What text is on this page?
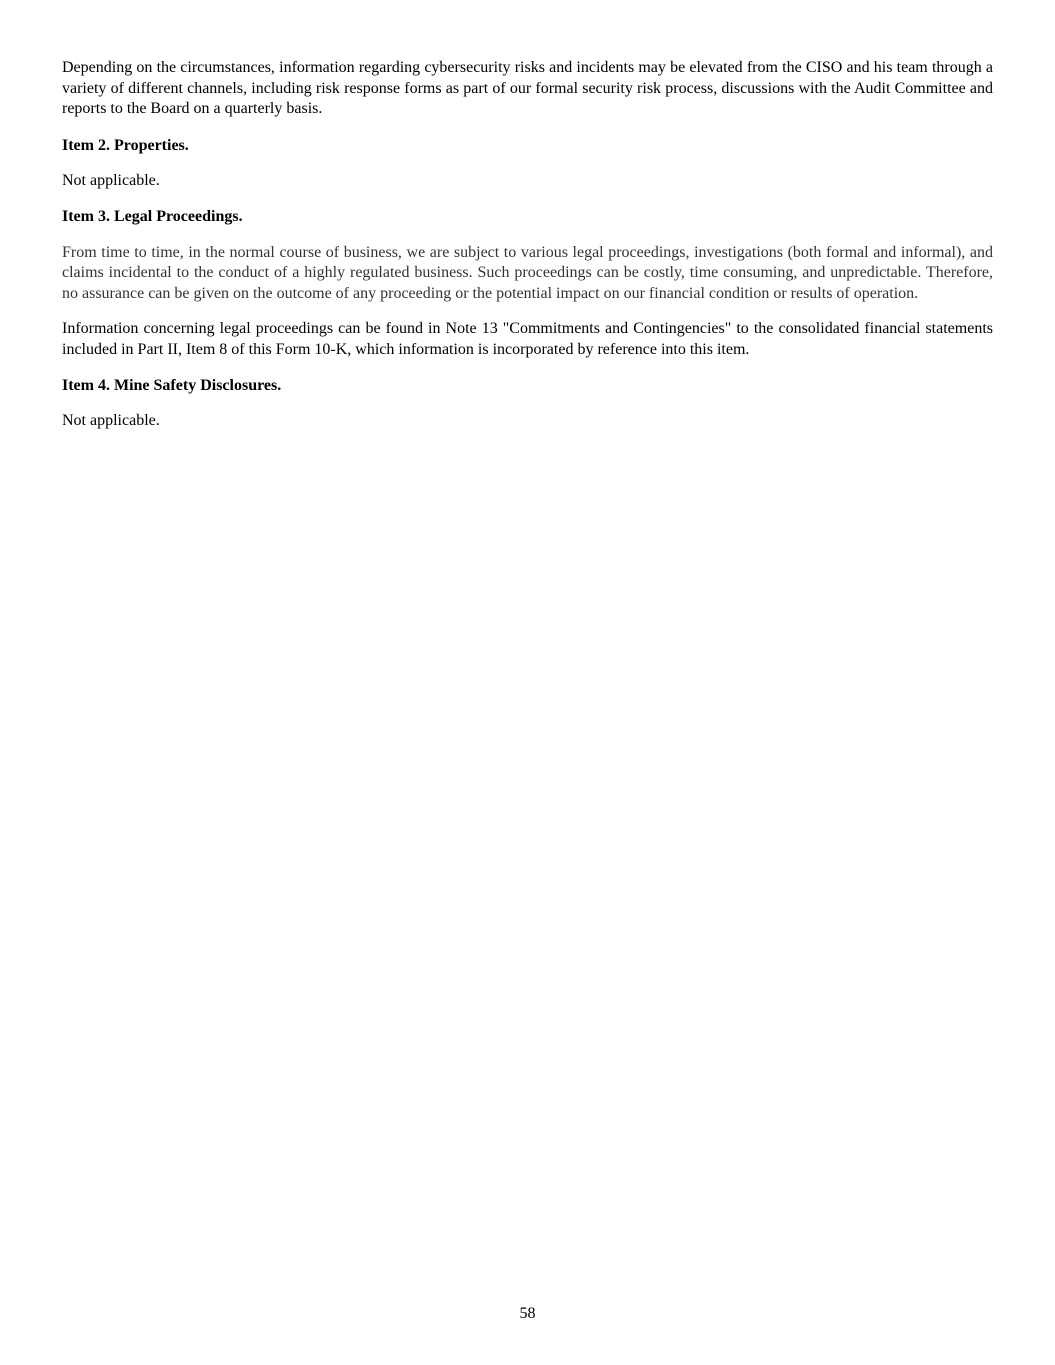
Depending on the circumstances, information regarding cybersecurity risks and incidents may be elevated from the CISO and his team through a variety of different channels, including risk response forms as part of our formal security risk process, discussions with the Audit Committee and reports to the Board on a quarterly basis.

Item 2. Properties.

Not applicable.

Item 3. Legal Proceedings.

From time to time, in the normal course of business, we are subject to various legal proceedings, investigations (both formal and informal), and claims incidental to the conduct of a highly regulated business. Such proceedings can be costly, time consuming, and unpredictable. Therefore, no assurance can be given on the outcome of any proceeding or the potential impact on our financial condition or results of operation.

Information concerning legal proceedings can be found in Note 13 "Commitments and Contingencies" to the consolidated financial statements included in Part II, Item 8 of this Form 10-K, which information is incorporated by reference into this item.

Item 4. Mine Safety Disclosures.

Not applicable.

58
